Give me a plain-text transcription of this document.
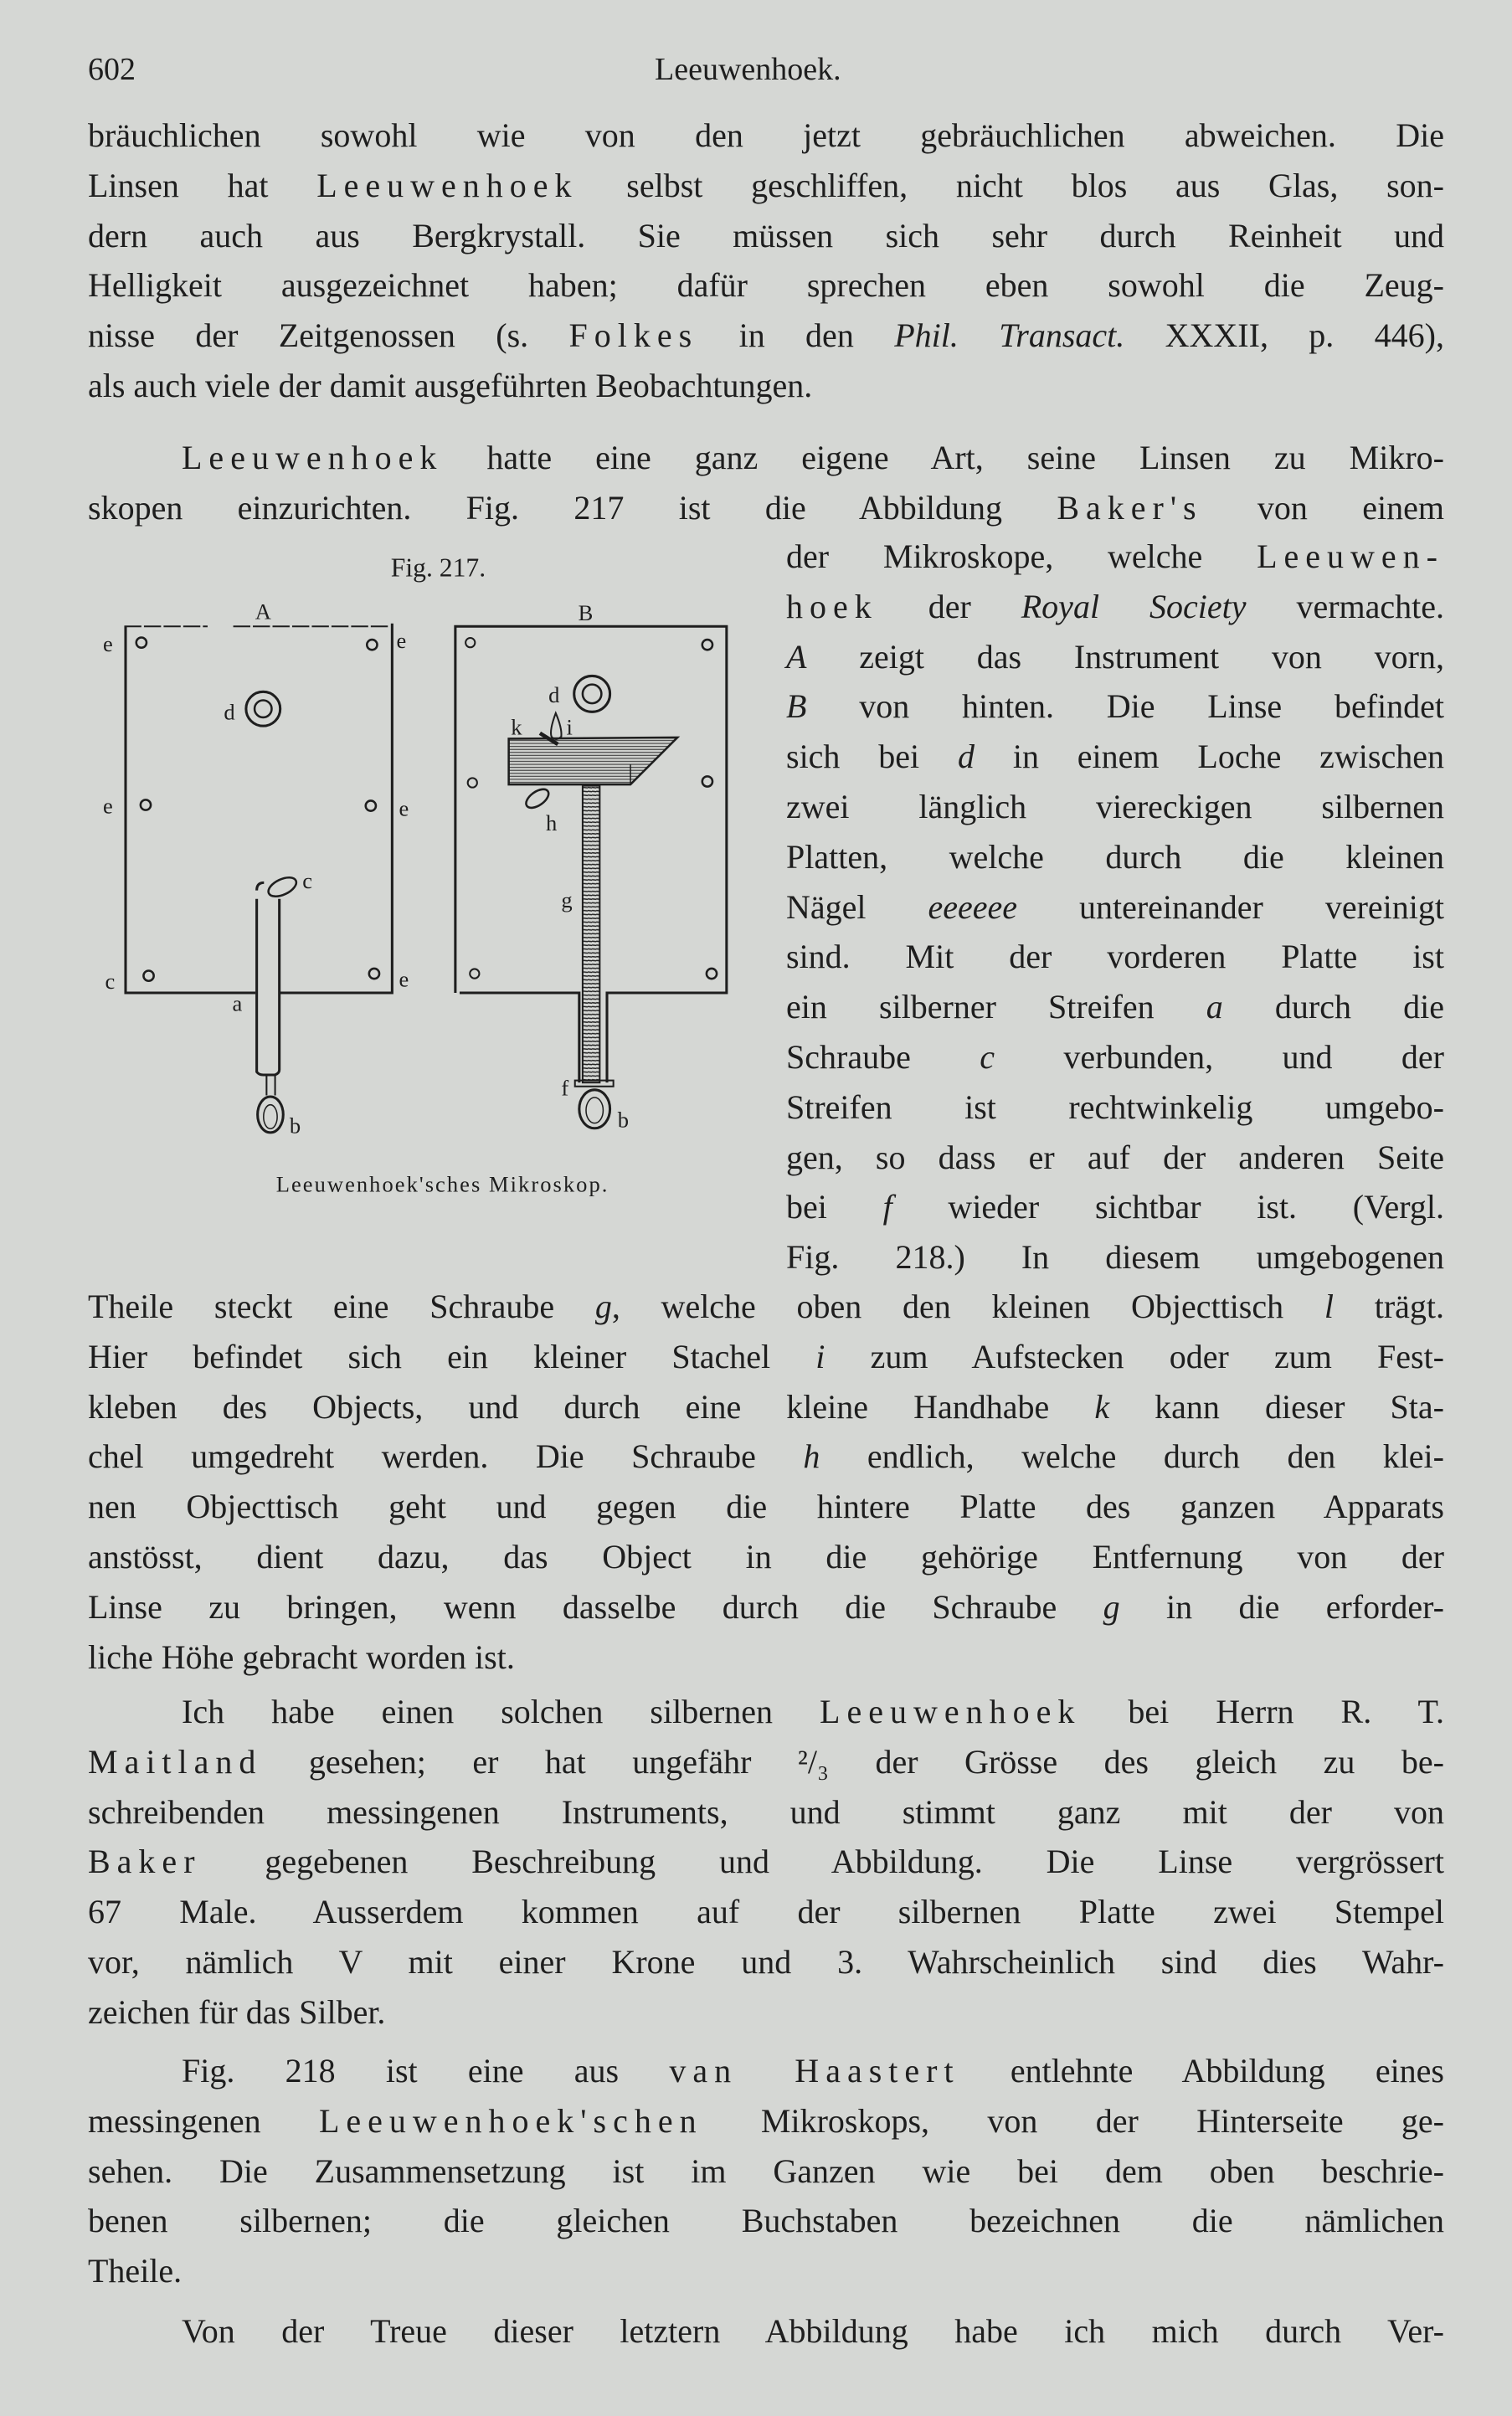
602	Leeuwenhoek.
bräuchlichen sowohl wie von den jetzt gebräuchlichen abweichen. Die
Linsen hat Leeuwenhoek selbst geschliffen, nicht blos aus Glas, son-
dern auch aus Bergkrystall. Sie müssen sich sehr durch Reinheit und
Helligkeit ausgezeichnet haben; dafür sprechen eben sowohl die Zeug-
nisse der Zeitgenossen (s. Folkes in den Phil. Transact. XXXII, p. 446),
als auch viele der damit ausgeführten Beobachtungen.
Leeuwenhoek hatte eine ganz eigene Art, seine Linsen zu Mikro-
skopen einzurichten. Fig. 217 ist die Abbildung Baker's von einem
der Mikroskope, welche Leeuwen-
hoek der Royal Society vermachte.
A zeigt das Instrument von vorn,
B von hinten. Die Linse befindet
sich bei d in einem Loche zwischen
zwei länglich viereckigen silbernen
Platten, welche durch die kleinen
Nägel eeeeee untereinander vereinigt
sind. Mit der vorderen Platte ist
ein silberner Streifen a durch die
Schraube c verbunden, und der
Streifen ist rechtwinkelig umgebo-
gen, so dass er auf der anderen Seite
bei f wieder sichtbar ist. (Vergl.
Fig. 218.) In diesem umgebogenen
Theile steckt eine Schraube g, welche oben den kleinen Objecttisch l trägt.
Hier befindet sich ein kleiner Stachel i zum Aufstecken oder zum Fest-
kleben des Objects, und durch eine kleine Handhabe k kann dieser Sta-
chel umgedreht werden. Die Schraube h endlich, welche durch den klei-
nen Objecttisch geht und gegen die hintere Platte des ganzen Apparats
anstösst, dient dazu, das Object in die gehörige Entfernung von der
Linse zu bringen, wenn dasselbe durch die Schraube g in die erforder-
liche Höhe gebracht worden ist.
Ich habe einen solchen silbernen Leeuwenhoek bei Herrn R. T.
Maitland gesehen; er hat ungefähr ²/₃ der Grösse des gleich zu be-
schreibenden messingenen Instruments, und stimmt ganz mit der von
Baker gegebenen Beschreibung und Abbildung. Die Linse vergrössert
67 Male. Ausserdem kommen auf der silbernen Platte zwei Stempel
vor, nämlich V mit einer Krone und 3. Wahrscheinlich sind dies Wahr-
zeichen für das Silber.
Fig. 218 ist eine aus van Haastert entlehnte Abbildung eines
messingenen Leeuwenhoek'schen Mikroskops, von der Hinterseite ge-
sehen. Die Zusammensetzung ist im Ganzen wie bei dem oben beschrie-
benen silbernen; die gleichen Buchstaben bezeichnen die nämlichen
Theile.
Von der Treue dieser letztern Abbildung habe ich mich durch Ver-
Fig. 217.
A
d
e	e
e	e
e
c
c
a
b
B
d
k i
h
g
f
b
Leeuwenhoek'sches Mikroskop.
